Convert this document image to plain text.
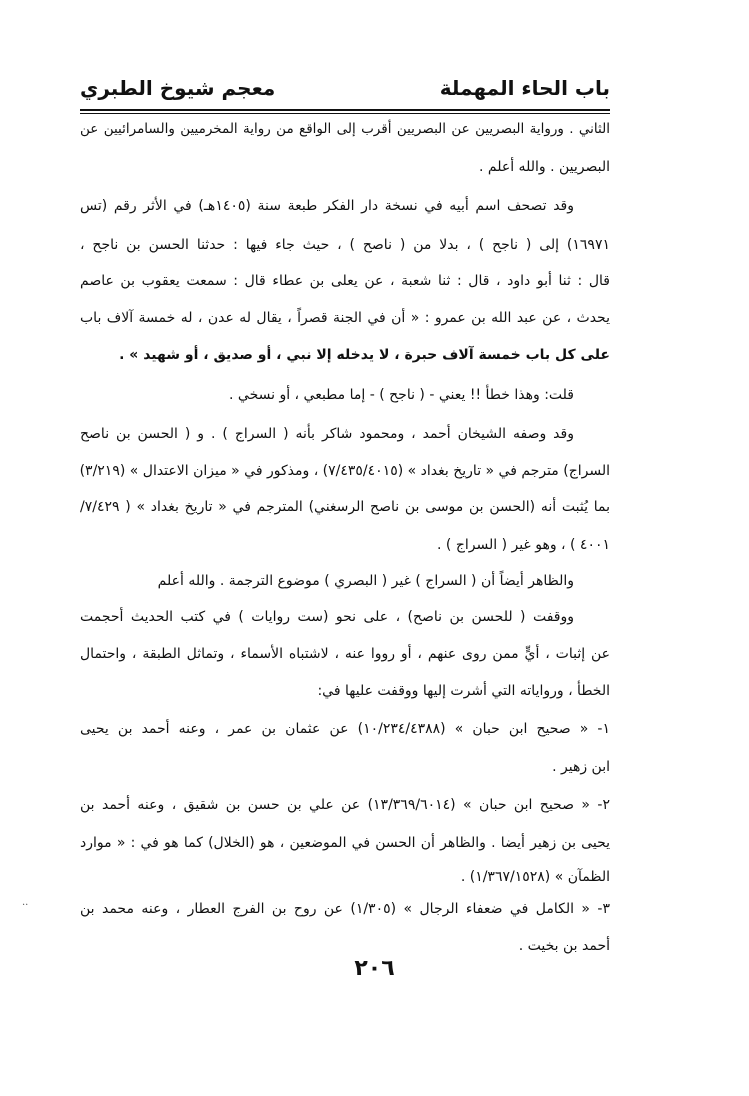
باب الحاء المهملة
معجم شيوخ الطبري
الثاني . ورواية البصريين عن البصريين أقرب إلى الواقع من رواية المخرميين والسامرائيين عن
البصريين . والله أعلم .
وقد تصحف اسم أبيه في نسخة دار الفكر طبعة سنة (١٤٠٥هـ) في الأثر رقم (تس
١٦٩٧١) إلى ( ناجح ) ، بدلا من ( ناصح ) ، حيث جاء فيها : حدثنا الحسن بن ناجح ،
قال : ثنا أبو داود ، قال : ثنا شعبة ، عن يعلى بن عطاء قال : سمعت يعقوب بن عاصم
يحدث ، عن عبد الله بن عمرو : « أن في الجنة قصراً ، يقال له عدن ، له خمسة آلاف باب
على كل باب خمسة آلاف حبرة ، لا يدخله إلا نبي ، أو صديق ، أو شهيد » .
قلت: وهذا خطأ !! يعني - ( ناجح ) - إما مطبعي ، أو نسخي .
وقد وصفه الشيخان أحمد ، ومحمود شاكر بأنه ( السراج ) . و ( الحسن بن ناصح
السراج) مترجم في « تاريخ بغداد » (٧/٤٣٥/٤٠١٥) ، ومذكور في « ميزان الاعتدال » (٣/٢١٩)
بما يُثبت أنه (الحسن بن موسى بن ناصح الرسغني) المترجم في « تاريخ بغداد » ( ٧/٤٢٩/
٤٠٠١ ) ، وهو غير ( السراج ) .
والظاهر أيضاً أن ( السراج ) غير ( البصري ) موضوع الترجمة . والله أعلم
ووقفت ( للحسن بن ناصح) ، على نحو (ست روايات ) في كتب الحديث أحجمت
عن إثبات ، أيٍّ ممن روى عنهم ، أو رووا عنه ، لاشتباه الأسماء ، وتماثل الطبقة ، واحتمال
الخطأ ، ورواياته التي أشرت إليها ووقفت عليها في:
١- « صحيح ابن حبان » (١٠/٢٣٤/٤٣٨٨) عن عثمان بن عمر ، وعنه أحمد بن يحيى
ابن زهير .
٢- « صحيح ابن حبان » (١٣/٣٦٩/٦٠١٤) عن علي بن حسن بن شقيق ، وعنه أحمد بن
يحيى بن زهير أيضا . والظاهر أن الحسن في الموضعين ، هو (الخلال) كما هو في : « موارد
الظمآن » (١/٣٦٧/١٥٢٨) .
٣- « الكامل في ضعفاء الرجال » (١/٣٠٥) عن روح بن الفرج العطار ، وعنه محمد بن
أحمد بن بخيت .
٢٠٦
..
